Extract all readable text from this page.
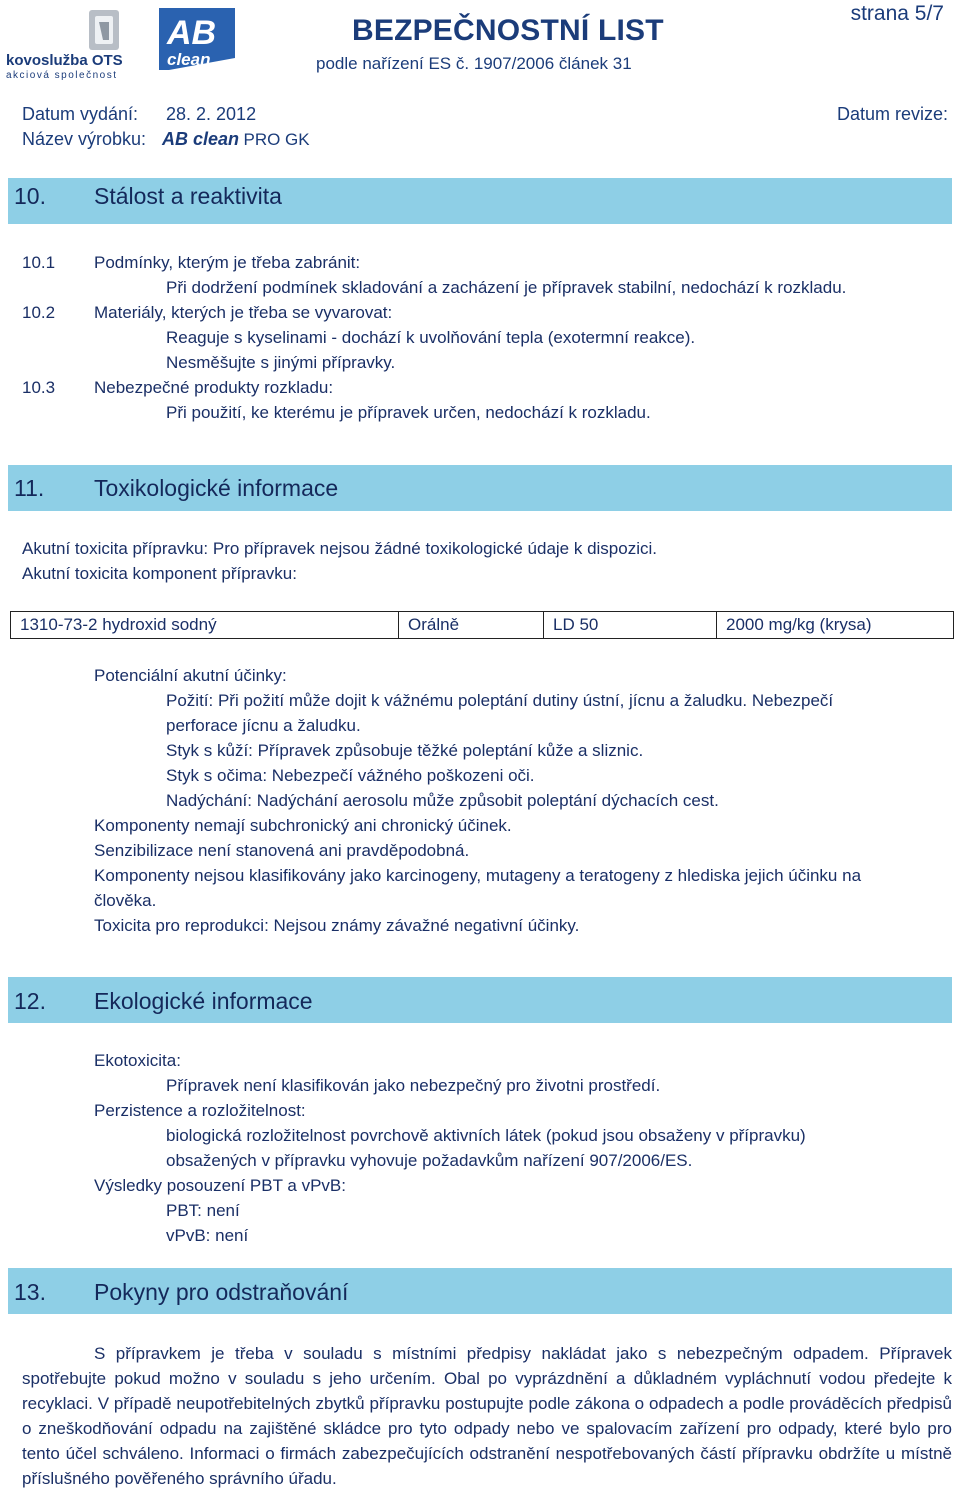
kovoslužba OTS
akciová společnost
AB
clean
BEZPEČNOSTNÍ LIST
podle nařízení ES č. 1907/2006 článek 31
strana 5/7
Datum vydání: 28. 2. 2012	Datum revize:
Název výrobku: AB clean PRO GK
10. Stálost a reaktivita
10.1 Podmínky, kterým je třeba zabránit:
Při dodržení podmínek skladování a zacházení je přípravek stabilní, nedochází k rozkladu.
10.2 Materiály, kterých je třeba se vyvarovat:
Reaguje s kyselinami - dochází k uvolňování tepla (exotermní reakce).
Nesměšujte s jinými přípravky.
10.3 Nebezpečné produkty rozkladu:
Při použití, ke kterému je přípravek určen, nedochází k rozkladu.
11. Toxikologické informace
Akutní toxicita přípravku: Pro přípravek nejsou žádné toxikologické údaje k dispozici.
Akutní toxicita komponent přípravku:
1310-73-2 hydroxid sodný	Orálně	LD 50	2000 mg/kg (krysa)
Potenciální akutní účinky:
Požití: Při požití může dojit k vážnému poleptání dutiny ústní, jícnu a žaludku. Nebezpečí
perforace jícnu a žaludku.
Styk s kůží: Přípravek způsobuje těžké poleptání kůže a sliznic.
Styk s očima: Nebezpečí vážného poškozeni oči.
Nadýchání: Nadýchání aerosolu může způsobit poleptání dýchacích cest.
Komponenty nemají subchronický ani chronický účinek.
Senzibilizace není stanovená ani pravděpodobná.
Komponenty nejsou klasifikovány jako karcinogeny, mutageny a teratogeny z hlediska jejich účinku na
člověka.
Toxicita pro reprodukci: Nejsou známy závažné negativní účinky.
12. Ekologické informace
Ekotoxicita:
Přípravek není klasifikován jako nebezpečný pro životni prostředí.
Perzistence a rozložitelnost:
biologická rozložitelnost povrchově aktivních látek (pokud jsou obsaženy v přípravku)
obsažených v přípravku vyhovuje požadavkům nařízení 907/2006/ES.
Výsledky posouzení PBT a vPvB:
PBT: není
vPvB: není
13. Pokyny pro odstraňování
S přípravkem je třeba v souladu s místními předpisy nakládat jako s nebezpečným odpadem. Přípravek spotřebujte pokud možno v souladu s jeho určením. Obal po vyprázdnění a důkladném vypláchnutí vodou předejte k recyklaci. V případě neupotřebitelných zbytků přípravku postupujte podle zákona o odpadech a podle prováděcích předpisů o zneškodňování odpadu na zajištěné skládce pro tyto odpady nebo ve spalovacím zařízení pro odpady, které bylo pro tento účel schváleno. Informaci o firmách zabezpečujících odstranění nespotřebovaných částí přípravku obdržíte u místně příslušného pověřeného správního úřadu.
